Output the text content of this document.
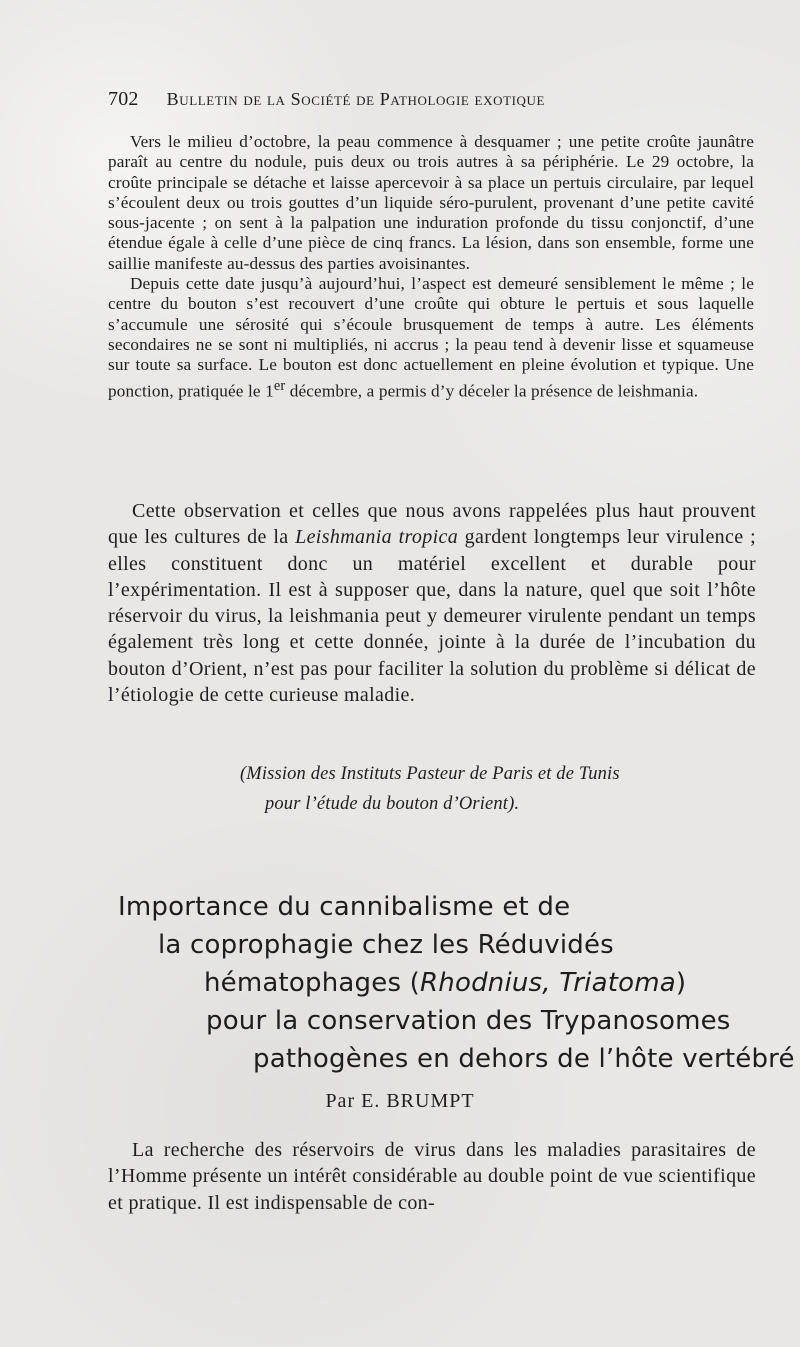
702 Bulletin de la Société de Pathologie exotique

Vers le milieu d’octobre, la peau commence à desquamer ; une petite croûte jaunâtre paraît au centre du nodule, puis deux ou trois autres à sa périphérie. Le 29 octobre, la croûte principale se détache et laisse apercevoir à sa place un pertuis circulaire, par lequel s’écoulent deux ou trois gouttes d’un liquide séro-purulent, provenant d’une petite cavité sous-jacente ; on sent à la palpation une induration profonde du tissu conjonctif, d’une étendue égale à celle d’une pièce de cinq francs. La lésion, dans son ensemble, forme une saillie manifeste au-dessus des parties avoisinantes.

Depuis cette date jusqu’à aujourd’hui, l’aspect est demeuré sensiblement le même ; le centre du bouton s’est recouvert d’une croûte qui obture le pertuis et sous laquelle s’accumule une sérosité qui s’écoule brusquement de temps à autre. Les éléments secondaires ne se sont ni multipliés, ni accrus ; la peau tend à devenir lisse et squameuse sur toute sa surface. Le bouton est donc actuellement en pleine évolution et typique. Une ponction, pratiquée le 1er décembre, a permis d’y déceler la présence de leishmania.

Cette observation et celles que nous avons rappelées plus haut prouvent que les cultures de la Leishmania tropica gardent longtemps leur virulence ; elles constituent donc un matériel excellent et durable pour l’expérimentation. Il est à supposer que, dans la nature, quel que soit l’hôte réservoir du virus, la leishmania peut y demeurer virulente pendant un temps également très long et cette donnée, jointe à la durée de l’incubation du bouton d’Orient, n’est pas pour faciliter la solution du problème si délicat de l’étiologie de cette curieuse maladie.

(Mission des Instituts Pasteur de Paris et de Tunis
pour l’étude du bouton d’Orient).
Importance du cannibalisme et de
la coprophagie chez les Réduvidés
hématophages (Rhodnius, Triatoma)
pour la conservation des Trypanosomes
pathogènes en dehors de l’hôte vertébré
Par E. BRUMPT

La recherche des réservoirs de virus dans les maladies parasitaires de l’Homme présente un intérêt considérable au double point de vue scientifique et pratique. Il est indispensable de con-
